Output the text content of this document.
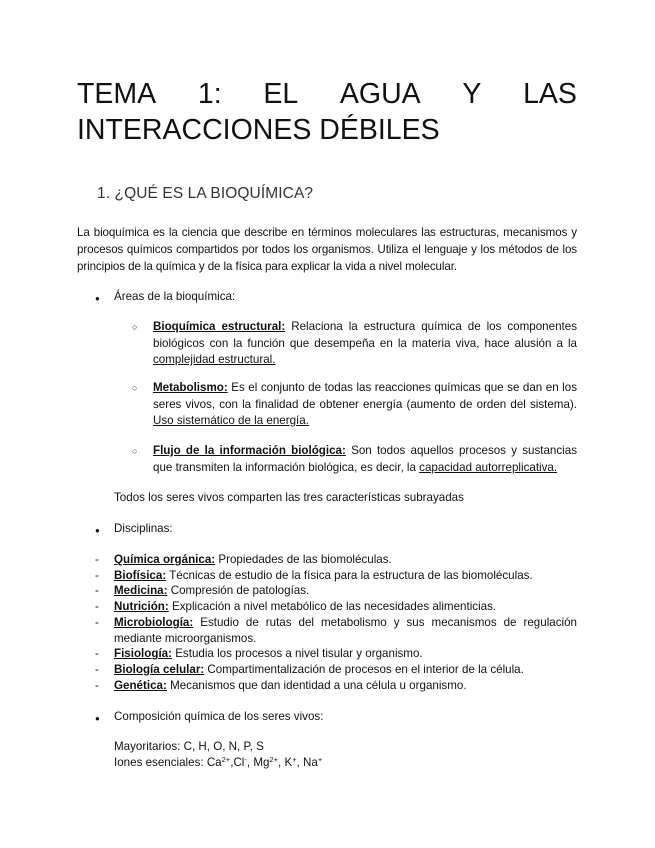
TEMA 1: EL AGUA Y LAS
INTERACCIONES DÉBILES
1. ¿QUÉ ES LA BIOQUÍMICA?

La bioquímica es la ciencia que describe en términos moleculares las estructuras, mecanismos y procesos químicos compartidos por todos los organismos. Utiliza el lenguaje y los métodos de los principios de la química y de la física para explicar la vida a nivel molecular.

●	Áreas de la bioquímica:
○ Bioquímica estructural: Relaciona la estructura química de los componentes biológicos con la función que desempeña en la materia viva, hace alusión a la complejidad estructural.
○ Metabolismo: Es el conjunto de todas las reacciones químicas que se dan en los seres vivos, con la finalidad de obtener energía (aumento de orden del sistema). Uso sistemático de la energía.
○ Flujo de la información biológica: Son todos aquellos procesos y sustancias que transmiten la información biológica, es decir, la capacidad autorreplicativa.
Todos los seres vivos comparten las tres características subrayadas
●	Disciplinas:
- Química orgánica: Propiedades de las biomoléculas.
- Biofísica: Técnicas de estudio de la física para la estructura de las biomoléculas.
- Medicina: Compresión de patologías.
- Nutrición: Explicación a nivel metabólico de las necesidades alimenticias.
- Microbiología: Estudio de rutas del metabolismo y sus mecanismos de regulación mediante microorganismos.
- Fisiología: Estudia los procesos a nivel tisular y organismo.
- Biología celular: Compartimentalización de procesos en el interior de la célula.
- Genética: Mecanismos que dan identidad a una célula u organismo.
●	Composición química de los seres vivos:
Mayoritarios: C, H, O, N, P, S
Iones esenciales: $Ca^{2+},Cl^-$, $Mg^{2+}$, K+, Na+
